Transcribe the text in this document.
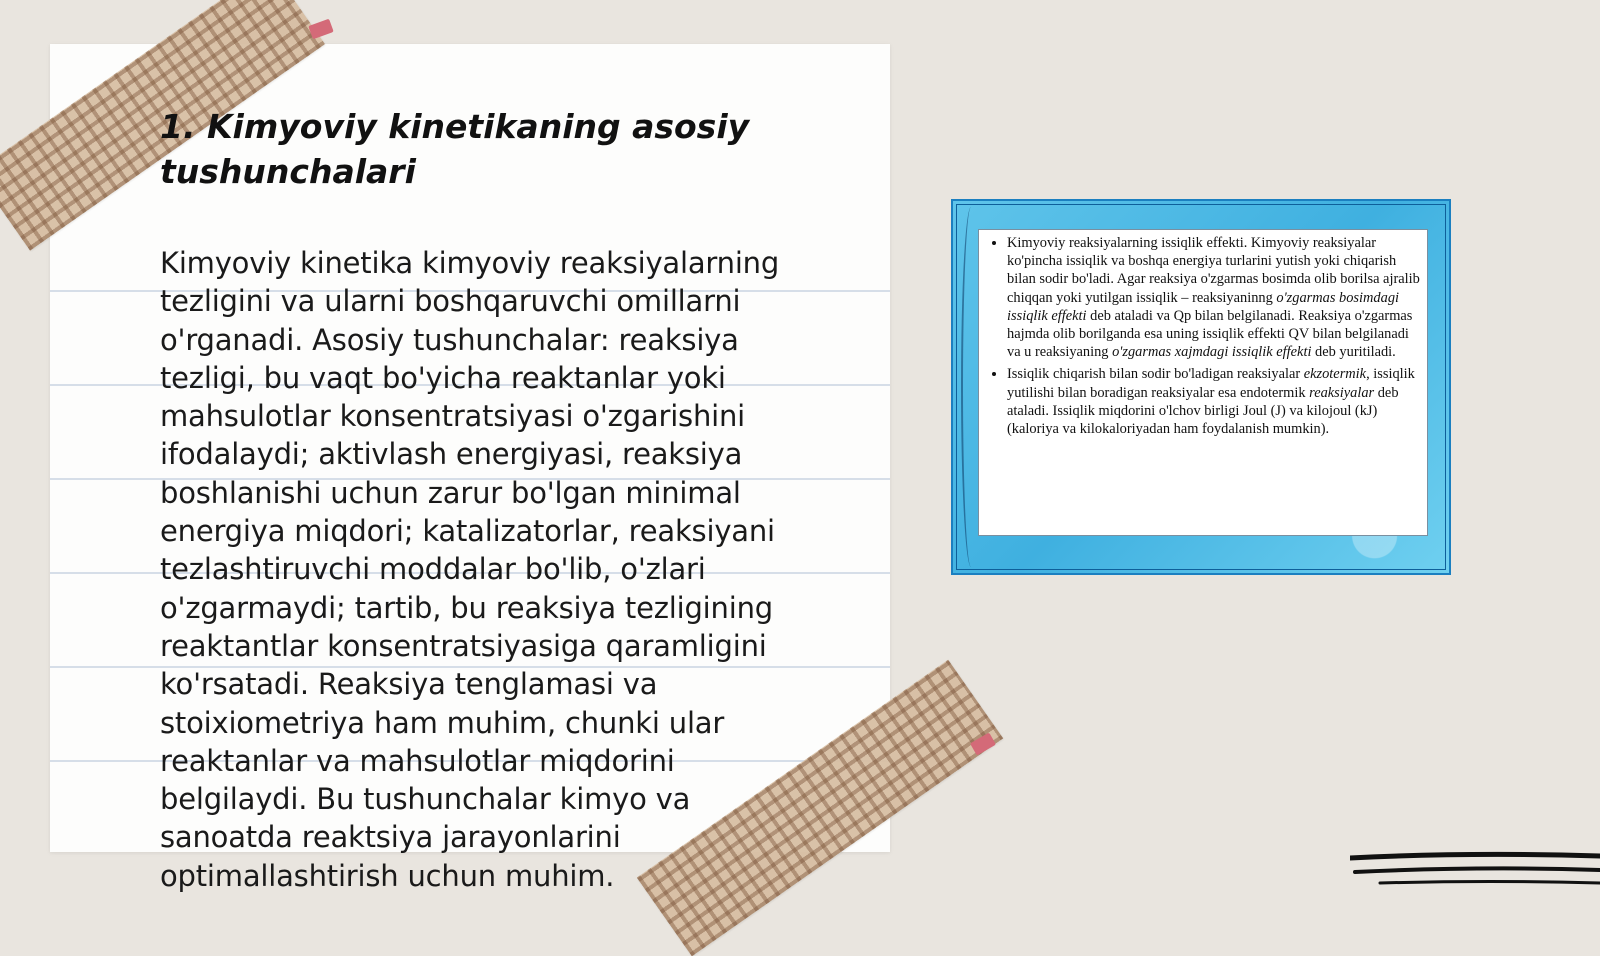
1. Kimyoviy kinetikaning asosiy tushunchalari

Kimyoviy kinetika kimyoviy reaksiyalarning tezligini va ularni boshqaruvchi omillarni o'rganadi. Asosiy tushunchalar: reaksiya tezligi, bu vaqt bo'yicha reaktanlar yoki mahsulotlar konsentratsiyasi o'zgarishini ifodalaydi; aktivlash energiyasi, reaksiya boshlanishi uchun zarur bo'lgan minimal energiya miqdori; katalizatorlar, reaksiyani tezlashtiruvchi moddalar bo'lib, o'zlari o'zgarmaydi; tartib, bu reaksiya tezligining reaktantlar konsentratsiyasiga qaramligini ko'rsatadi. Reaksiya tenglamasi va stoixiometriya ham muhim, chunki ular reaktanlar va mahsulotlar miqdorini belgilaydi. Bu tushunchalar kimyo va sanoatda reaktsiya jarayonlarini optimallashtirish uchun muhim.

• Kimyoviy reaksiyalarning issiqlik effekti. Kimyoviy reaksiyalar ko'pincha issiqlik va boshqa energiya turlarini yutish yoki chiqarish bilan sodir bo'ladi. Agar reaksiya o'zgarmas bosimda olib borilsa ajralib chiqqan yoki yutilgan issiqlik – reaksiyaninng o'zgarmas bosimdagi issiqlik effekti deb ataladi va Qp bilan belgilanadi. Reaksiya o'zgarmas hajmda olib borilganda esa uning issiqlik effekti QV bilan belgilanadi va u reaksiyaning o'zgarmas xajmdagi issiqlik effekti deb yuritiladi.
• Issiqlik chiqarish bilan sodir bo'ladigan reaksiyalar ekzotermik, issiqlik yutilishi bilan boradigan reaksiyalar esa endotermik reaksiyalar deb ataladi. Issiqlik miqdorini o'lchov birligi Joul (J) va kilojoul (kJ) (kaloriya va kilokaloriyadan ham foydalanish mumkin).
